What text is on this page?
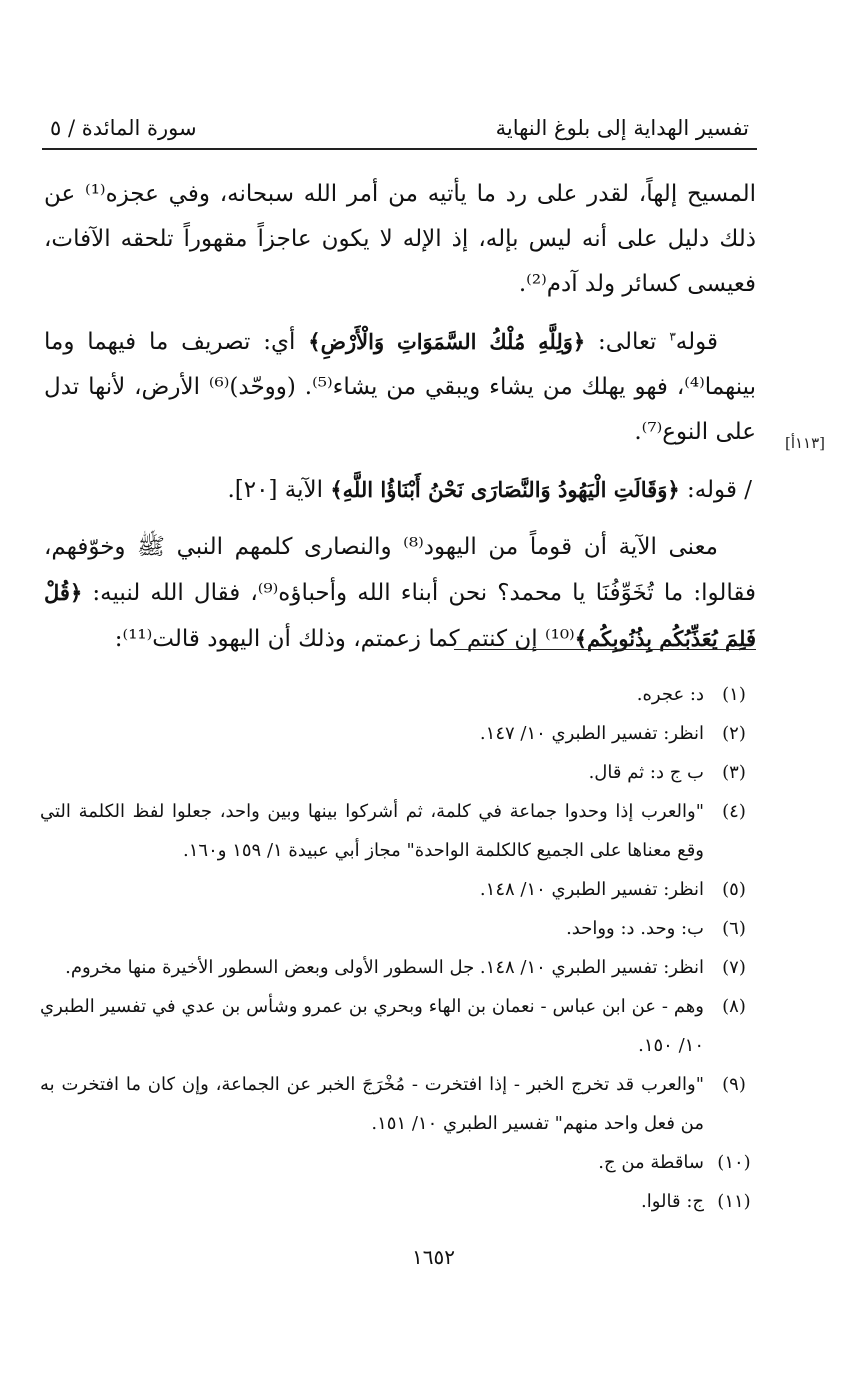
تفسير الهداية إلى بلوغ النهاية
سورة المائدة / ٥
[١١٣أ]

المسيح إلهاً، لقدر على رد ما يأتيه من أمر الله سبحانه، وفي عجزه⁽¹⁾ عن ذلك دليل على أنه ليس بإله، إذ الإله لا يكون عاجزاً مقهوراً تلحقه الآفات، فعيسى كسائر ولد آدم⁽²⁾.

قوله$^٣$ تعالى: ﴿وَلِلَّهِ مُلْكُ السَّمَوَاتِ وَالْأَرْضِ﴾ أي: تصريف ما فيهما وما بينهما⁽⁴⁾، فهو يهلك من يشاء ويبقي من يشاء⁽⁵⁾. (ووحّد)⁽⁶⁾ الأرض، لأنها تدل على النوع⁽⁷⁾.

/ قوله: ﴿وَقَالَتِ الْيَهُودُ وَالنَّصَارَى نَحْنُ أَبْنَاؤُا اللَّهِ﴾ الآية [٢٠].

معنى الآية أن قوماً من اليهود⁽⁸⁾ والنصارى كلمهم النبي ﷺ وخوّفهم، فقالوا: ما تُخَوِّفُنَا يا محمد؟ نحن أبناء الله وأحباؤه⁽⁹⁾، فقال الله لنبيه: ﴿قُلْ فَلِمَ يُعَذِّبُكُم بِذُنُوبِكُم﴾⁽¹⁰⁾ إن كنتم كما زعمتم، وذلك أن اليهود قالت⁽¹¹⁾:

(١)
د: عجره.
(٢)
انظر: تفسير الطبري ١٠/ ١٤٧.
(٣)
ب ج د: ثم قال.
(٤)
"والعرب إذا وحدوا جماعة في كلمة، ثم أشركوا بينها وبين واحد، جعلوا لفظ الكلمة التي وقع معناها على الجميع كالكلمة الواحدة" مجاز أبي عبيدة ١/ ١٥٩ و١٦٠.
(٥)
انظر: تفسير الطبري ١٠/ ١٤٨.
(٦)
ب: وحد. د: وواحد.
(٧)
انظر: تفسير الطبري ١٠/ ١٤٨. جل السطور الأولى وبعض السطور الأخيرة منها مخروم.
(٨)
وهم - عن ابن عباس - نعمان بن الهاء وبحري بن عمرو وشأس بن عدي في تفسير الطبري ١٠/ ١٥٠.
(٩)
"والعرب قد تخرج الخبر - إذا افتخرت - مُخْرَجَ الخبر عن الجماعة، وإن كان ما افتخرت به من فعل واحد منهم" تفسير الطبري ١٠/ ١٥١.
(١٠)
ساقطة من ج.
(١١)
ج: قالوا.
١٦٥٢
